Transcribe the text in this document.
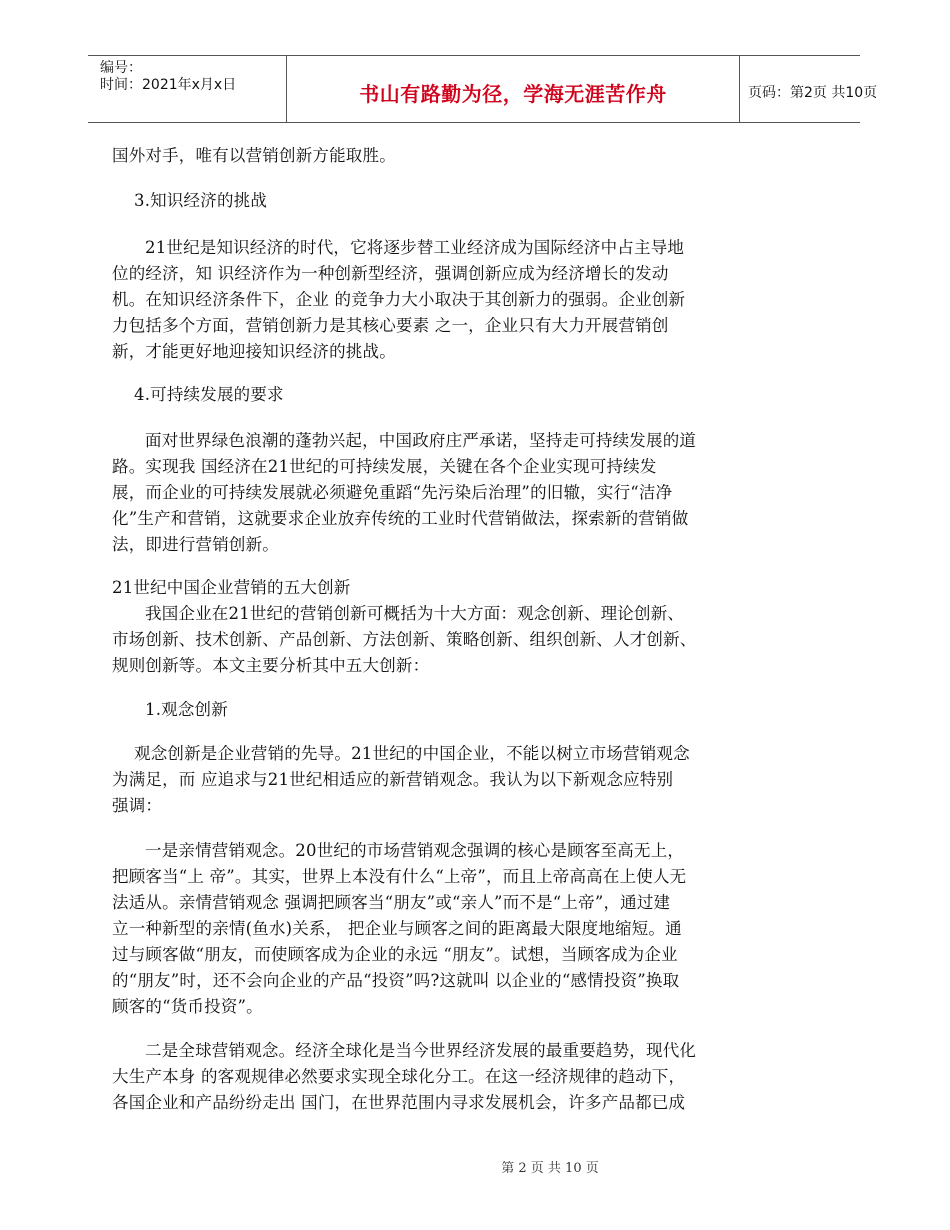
编号：
时间：2021年x月x日	书山有路勤为径，学海无涯苦作舟	页码：第2页 共10页
国外对手，唯有以营销创新方能取胜。
3.知识经济的挑战
21世纪是知识经济的时代，它将逐步替工业经济成为国际经济中占主导地
位的经济，知 识经济作为一种创新型经济，强调创新应成为经济增长的发动
机。在知识经济条件下，企业 的竞争力大小取决于其创新力的强弱。企业创新
力包括多个方面，营销创新力是其核心要素 之一，企业只有大力开展营销创
新，才能更好地迎接知识经济的挑战。
4.可持续发展的要求
面对世界绿色浪潮的蓬勃兴起，中国政府庄严承诺，坚持走可持续发展的道
路。实现我 国经济在21世纪的可持续发展，关键在各个企业实现可持续发
展，而企业的可持续发展就必须避免重蹈“先污染后治理”的旧辙，实行“洁净
化”生产和营销，这就要求企业放弃传统的工业时代营销做法，探索新的营销做
法，即进行营销创新。
21世纪中国企业营销的五大创新
我国企业在21世纪的营销创新可概括为十大方面：观念创新、理论创新、
市场创新、技术创新、产品创新、方法创新、策略创新、组织创新、人才创新、
规则创新等。本文主要分析其中五大创新：
1.观念创新
观念创新是企业营销的先导。21世纪的中国企业，不能以树立市场营销观念
为满足，而 应追求与21世纪相适应的新营销观念。我认为以下新观念应特别
强调：
一是亲情营销观念。20世纪的市场营销观念强调的核心是顾客至高无上，
把顾客当“上 帝”。其实，世界上本没有什么“上帝”，而且上帝高高在上使人无
法适从。亲情营销观念 强调把顾客当“朋友”或“亲人”而不是“上帝”，通过建
立一种新型的亲情(鱼水)关系， 把企业与顾客之间的距离最大限度地缩短。通
过与顾客做“朋友，而使顾客成为企业的永远 “朋友”。试想，当顾客成为企业
的“朋友”时，还不会向企业的产品“投资”吗?这就叫 以企业的“感情投资”换取
顾客的“货币投资”。
二是全球营销观念。经济全球化是当今世界经济发展的最重要趋势，现代化
大生产本身 的客观规律必然要求实现全球化分工。在这一经济规律的趋动下，
各国企业和产品纷纷走出 国门，在世界范围内寻求发展机会，许多产品都已成
第 2 页 共 10 页
